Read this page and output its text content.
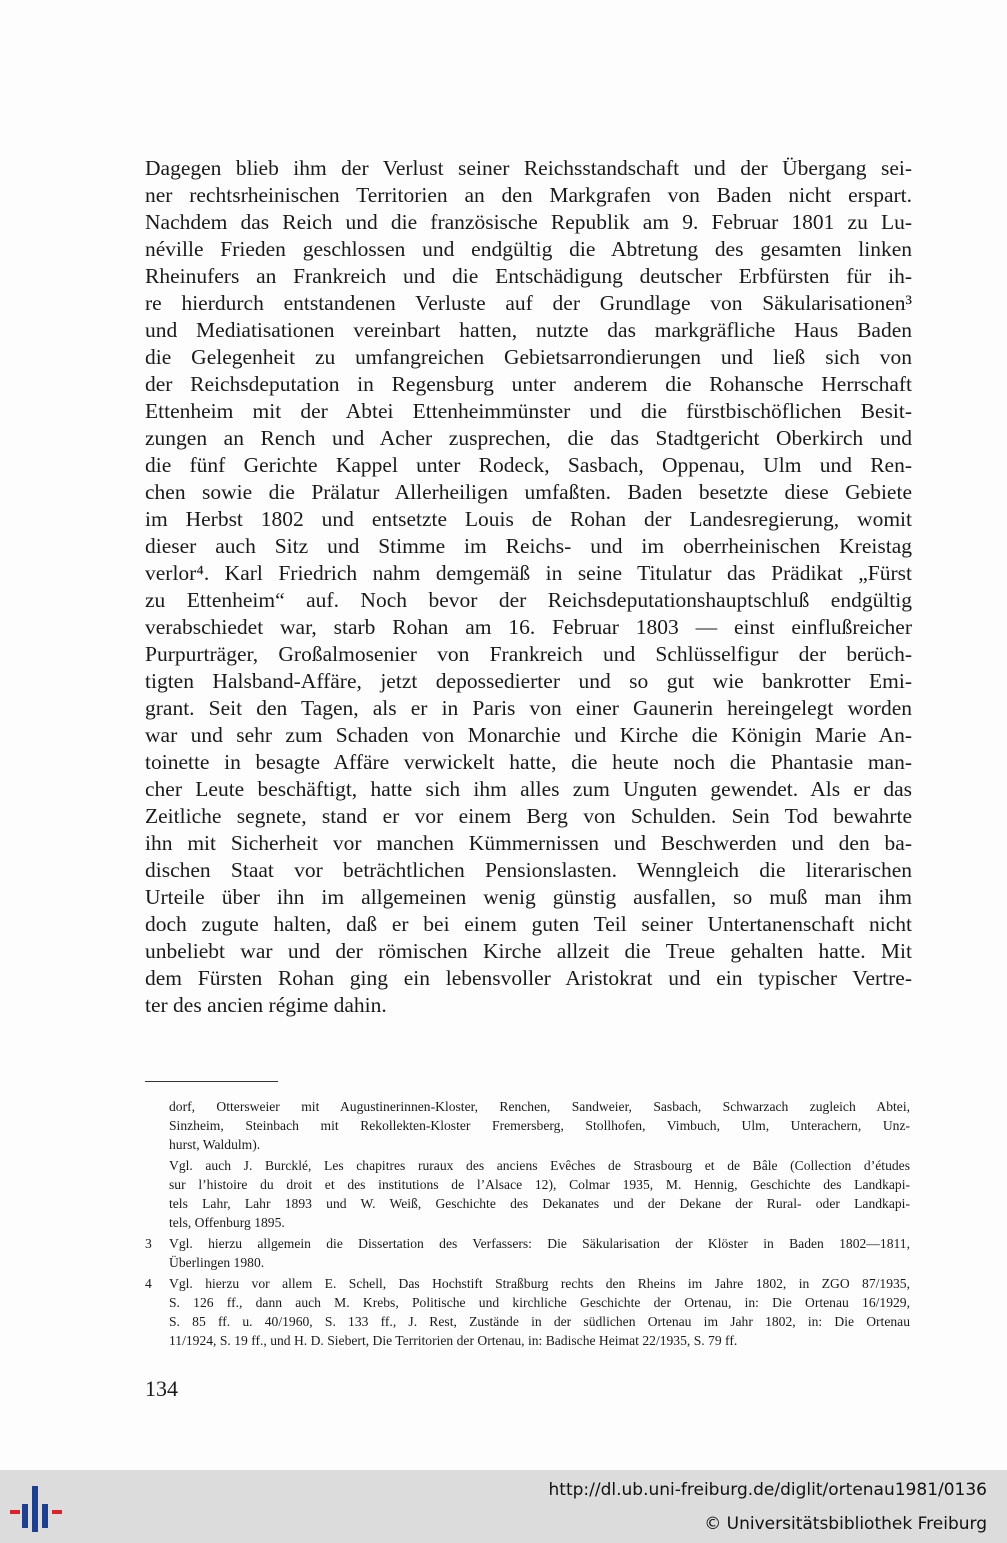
Dagegen blieb ihm der Verlust seiner Reichsstandschaft und der Übergang sei-
ner rechtsrheinischen Territorien an den Markgrafen von Baden nicht erspart.
Nachdem das Reich und die französische Republik am 9. Februar 1801 zu Lu-
néville Frieden geschlossen und endgültig die Abtretung des gesamten linken
Rheinufers an Frankreich und die Entschädigung deutscher Erbfürsten für ih-
re hierdurch entstandenen Verluste auf der Grundlage von Säkularisationen³
und Mediatisationen vereinbart hatten, nutzte das markgräfliche Haus Baden
die Gelegenheit zu umfangreichen Gebietsarrondierungen und ließ sich von
der Reichsdeputation in Regensburg unter anderem die Rohansche Herrschaft
Ettenheim mit der Abtei Ettenheimmünster und die fürstbischöflichen Besit-
zungen an Rench und Acher zusprechen, die das Stadtgericht Oberkirch und
die fünf Gerichte Kappel unter Rodeck, Sasbach, Oppenau, Ulm und Ren-
chen sowie die Prälatur Allerheiligen umfaßten. Baden besetzte diese Gebiete
im Herbst 1802 und entsetzte Louis de Rohan der Landesregierung, womit
dieser auch Sitz und Stimme im Reichs- und im oberrheinischen Kreistag
verlor⁴. Karl Friedrich nahm demgemäß in seine Titulatur das Prädikat „Fürst
zu Ettenheim“ auf. Noch bevor der Reichsdeputationshauptschluß endgültig
verabschiedet war, starb Rohan am 16. Februar 1803 — einst einflußreicher
Purpurträger, Großalmosenier von Frankreich und Schlüsselfigur der berüch-
tigten Halsband-Affäre, jetzt depossedierter und so gut wie bankrotter Emi-
grant. Seit den Tagen, als er in Paris von einer Gaunerin hereingelegt worden
war und sehr zum Schaden von Monarchie und Kirche die Königin Marie An-
toinette in besagte Affäre verwickelt hatte, die heute noch die Phantasie man-
cher Leute beschäftigt, hatte sich ihm alles zum Unguten gewendet. Als er das
Zeitliche segnete, stand er vor einem Berg von Schulden. Sein Tod bewahrte
ihn mit Sicherheit vor manchen Kümmernissen und Beschwerden und den ba-
dischen Staat vor beträchtlichen Pensionslasten. Wenngleich die literarischen
Urteile über ihn im allgemeinen wenig günstig ausfallen, so muß man ihm
doch zugute halten, daß er bei einem guten Teil seiner Untertanenschaft nicht
unbeliebt war und der römischen Kirche allzeit die Treue gehalten hatte. Mit
dem Fürsten Rohan ging ein lebensvoller Aristokrat und ein typischer Vertre-
ter des ancien régime dahin.
dorf, Ottersweier mit Augustinerinnen-Kloster, Renchen, Sandweier, Sasbach, Schwarzach zugleich Abtei,
Sinzheim, Steinbach mit Rekollekten-Kloster Fremersberg, Stollhofen, Vimbuch, Ulm, Unterachern, Unz-
hurst, Waldulm).
Vgl. auch J. Burcklé, Les chapitres ruraux des anciens Evêches de Strasbourg et de Bâle (Collection d’études
sur l’histoire du droit et des institutions de l’Alsace 12), Colmar 1935, M. Hennig, Geschichte des Landkapi-
tels Lahr, Lahr 1893 und W. Weiß, Geschichte des Dekanates und der Dekane der Rural- oder Landkapi-
tels, Offenburg 1895.
3	Vgl. hierzu allgemein die Dissertation des Verfassers: Die Säkularisation der Klöster in Baden 1802—1811,
Überlingen 1980.
4	Vgl. hierzu vor allem E. Schell, Das Hochstift Straßburg rechts den Rheins im Jahre 1802, in ZGO 87/1935,
S. 126 ff., dann auch M. Krebs, Politische und kirchliche Geschichte der Ortenau, in: Die Ortenau 16/1929,
S. 85 ff. u. 40/1960, S. 133 ff., J. Rest, Zustände in der südlichen Ortenau im Jahr 1802, in: Die Ortenau
11/1924, S. 19 ff., und H. D. Siebert, Die Territorien der Ortenau, in: Badische Heimat 22/1935, S. 79 ff.
134
http://dl.ub.uni-freiburg.de/diglit/ortenau1981/0136
© Universitätsbibliothek Freiburg
